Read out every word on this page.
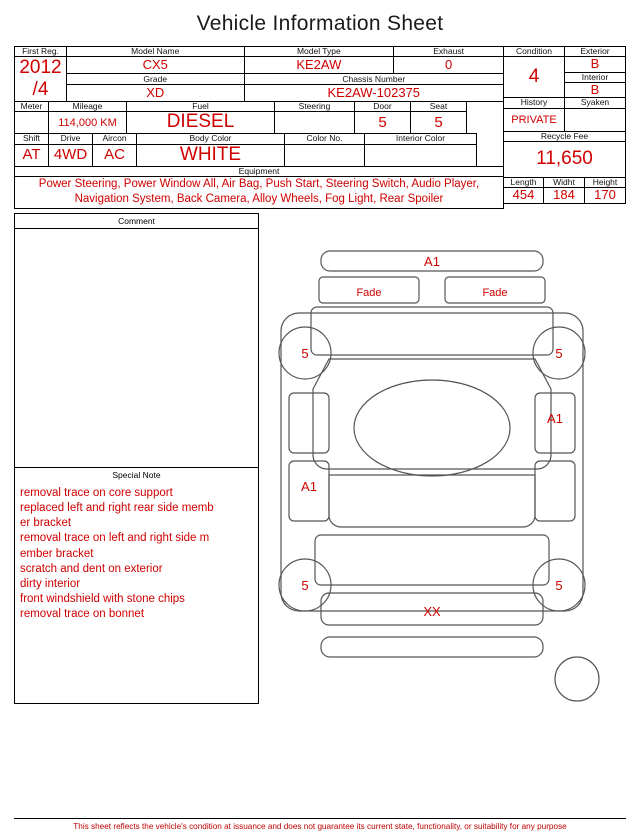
Vehicle Information Sheet
First Reg.	Model Name	Model Type	Exhaust

2012
/4	CX5	KE2AW	0
	Grade	Chassis Number	
	XD	KE2AW-102375	
Meter	Mileage	Fuel	Steering	Door	Seat
	114,000 KM	DIESEL		5	5
Shift	Drive	Aircon	Body Color	Color No.	Interior Color
AT	4WD	AC	WHITE		
Equipment
Power Steering, Power Window All, Air Bag, Push Start, Steering Switch, Audio Player, Navigation System, Back Camera, Alloy Wheels, Fog Light, Rear Spoiler
Condition	Exterior
4	B
	Interior
	B
History	Syaken
PRIVATE	
Recycle Fee
11,650
Length	Widht	Height
454	184	170
Comment
Special Note
removal trace on core support
replaced left and right rear side memb
er bracket
removal trace on left and right side m
ember bracket
scratch and dent on exterior
dirty interior
front windshield with stone chips
removal trace on bonnet
A1
Fade	Fade
5	5
A1
A1
5	5
XX
This sheet reflects the vehicle's condition at issuance and does not guarantee its current state, functionality, or suitability for any purpose
